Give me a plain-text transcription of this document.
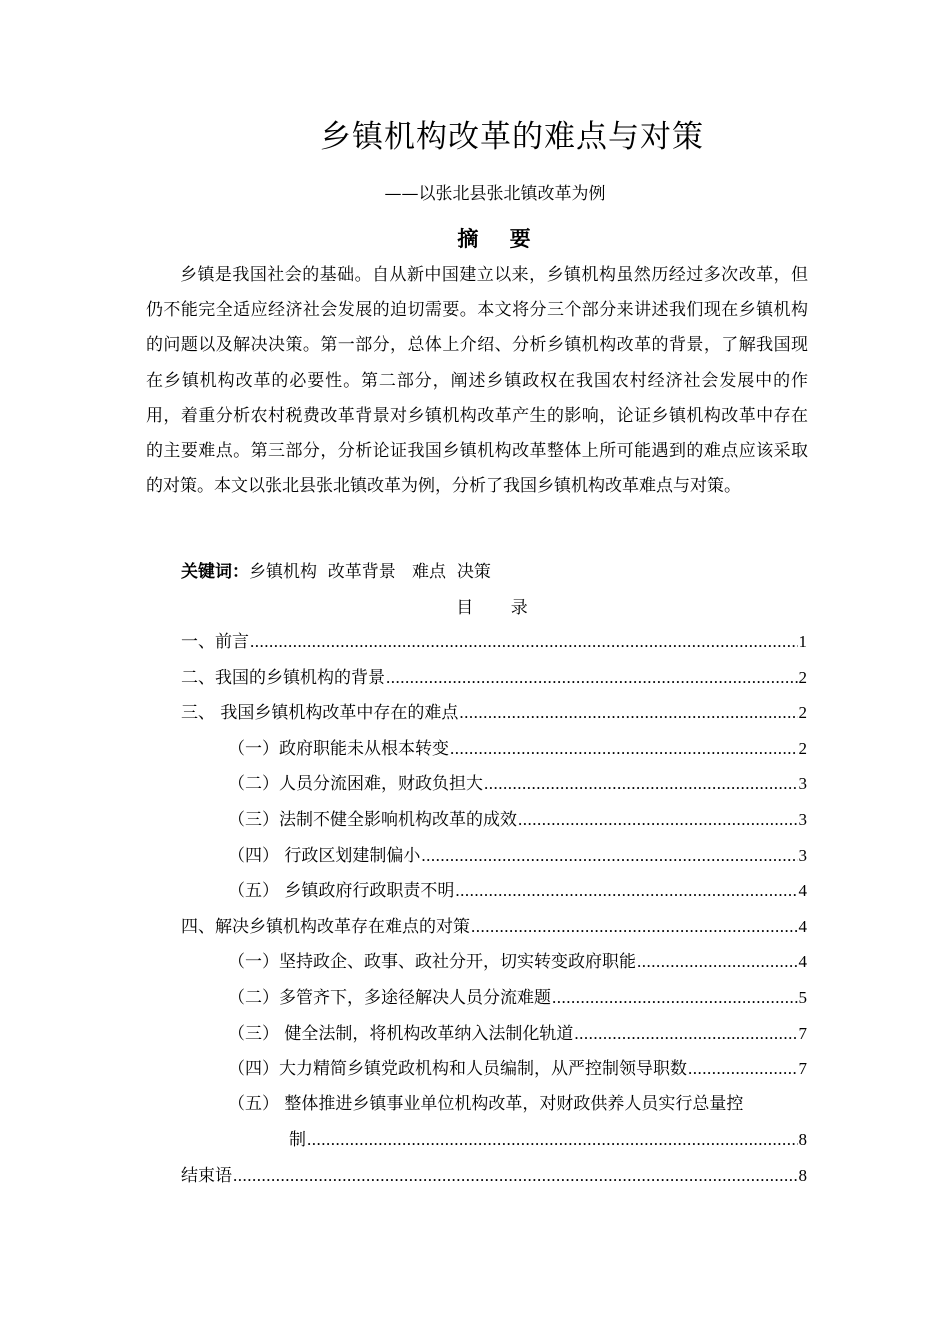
乡镇机构改革的难点与对策
——以张北县张北镇改革为例
摘 要

乡镇是我国社会的基础。自从新中国建立以来，乡镇机构虽然历经过多次改革，但仍不能完全适应经济社会发展的迫切需要。本文将分三个部分来讲述我们现在乡镇机构的问题以及解决决策。第一部分，总体上介绍、分析乡镇机构改革的背景，了解我国现在乡镇机构改革的必要性。第二部分，阐述乡镇政权在我国农村经济社会发展中的作用，着重分析农村税费改革背景对乡镇机构改革产生的影响，论证乡镇机构改革中存在的主要难点。第三部分，分析论证我国乡镇机构改革整体上所可能遇到的难点应该采取的对策。本文以张北县张北镇改革为例，分析了我国乡镇机构改革难点与对策。

关键词：乡镇机构  改革背景   难点  决策
目 录
一、前言 .....	1
二、我国的乡镇机构的背景 .....	2
三、 我国乡镇机构改革中存在的难点 .....	2
（一）政府职能未从根本转变 .....	2
（二）人员分流困难，财政负担大 .....	3
（三）法制不健全影响机构改革的成效 .....	3
（四） 行政区划建制偏小 .....	3
（五） 乡镇政府行政职责不明 .....	4
四、解决乡镇机构改革存在难点的对策 .....	4
（一）坚持政企、政事、政社分开，切实转变政府职能 .....	4
（二）多管齐下，多途径解决人员分流难题 .....	5
（三） 健全法制，将机构改革纳入法制化轨道 .....	7
（四）大力精简乡镇党政机构和人员编制，从严控制领导职数 .....	7
（五） 整体推进乡镇事业单位机构改革，对财政供养人员实行总量控
制 .....	8
结束语 .....	8
